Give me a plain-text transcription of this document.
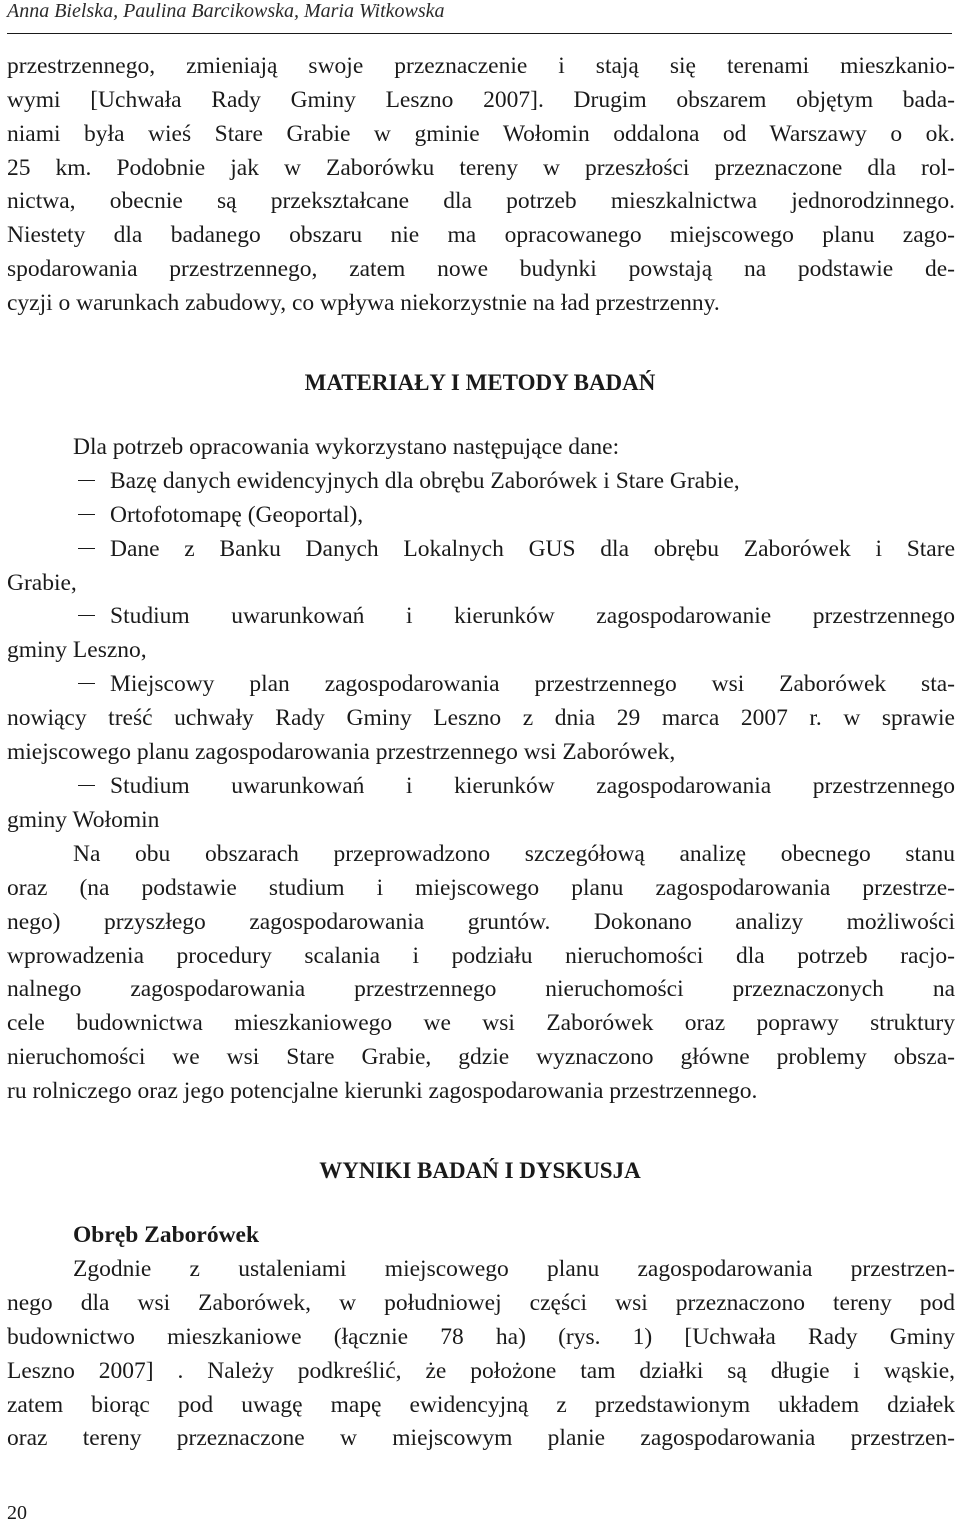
Anna Bielska, Paulina Barcikowska, Maria Witkowska
przestrzennego, zmieniają swoje przeznaczenie i stają się terenami mieszkanio-
wymi [Uchwała Rady Gminy Leszno 2007]. Drugim obszarem objętym bada-
niami była wieś Stare Grabie w gminie Wołomin oddalona od Warszawy o ok.
25 km. Podobnie jak w Zaborówku tereny w przeszłości przeznaczone dla rol-
nictwa, obecnie są przekształcane dla potrzeb mieszkalnictwa jednorodzinnego.
Niestety dla badanego obszaru nie ma opracowanego miejscowego planu zago-
spodarowania przestrzennego, zatem nowe budynki powstają na podstawie de-
cyzji o warunkach zabudowy, co wpływa niekorzystnie na ład przestrzenny.
MATERIAŁY I METODY BADAŃ
Dla potrzeb opracowania wykorzystano następujące dane:
Bazę danych ewidencyjnych dla obrębu Zaborówek i Stare Grabie,
Ortofotomapę (Geoportal),
Dane z Banku Danych Lokalnych GUS dla obrębu Zaborówek i Stare
Grabie,
Studium uwarunkowań i kierunków zagospodarowanie przestrzennego
gminy Leszno,
Miejscowy plan zagospodarowania przestrzennego wsi Zaborówek sta-
nowiący treść uchwały Rady Gminy Leszno z dnia 29 marca 2007 r. w sprawie
miejscowego planu zagospodarowania przestrzennego wsi Zaborówek,
Studium uwarunkowań i kierunków zagospodarowania przestrzennego
gminy Wołomin
Na obu obszarach przeprowadzono szczegółową analizę obecnego stanu
oraz (na podstawie studium i miejscowego planu zagospodarowania przestrze-
nego) przyszłego zagospodarowania gruntów. Dokonano analizy możliwości
wprowadzenia procedury scalania i podziału nieruchomości dla potrzeb racjo-
nalnego zagospodarowania przestrzennego nieruchomości przeznaczonych na
cele budownictwa mieszkaniowego we wsi Zaborówek oraz poprawy struktury
nieruchomości we wsi Stare Grabie, gdzie wyznaczono główne problemy obsza-
ru rolniczego oraz jego potencjalne kierunki zagospodarowania przestrzennego.
WYNIKI BADAŃ I DYSKUSJA
Obręb Zaborówek
Zgodnie z ustaleniami miejscowego planu zagospodarowania przestrzen-
nego dla wsi Zaborówek, w południowej części wsi przeznaczono tereny pod
budownictwo mieszkaniowe (łącznie 78 ha) (rys. 1) [Uchwała Rady Gminy
Leszno 2007] . Należy podkreślić, że położone tam działki są długie i wąskie,
zatem biorąc pod uwagę mapę ewidencyjną z przedstawionym układem działek
oraz tereny przeznaczone w miejscowym planie zagospodarowania przestrzen-
20
